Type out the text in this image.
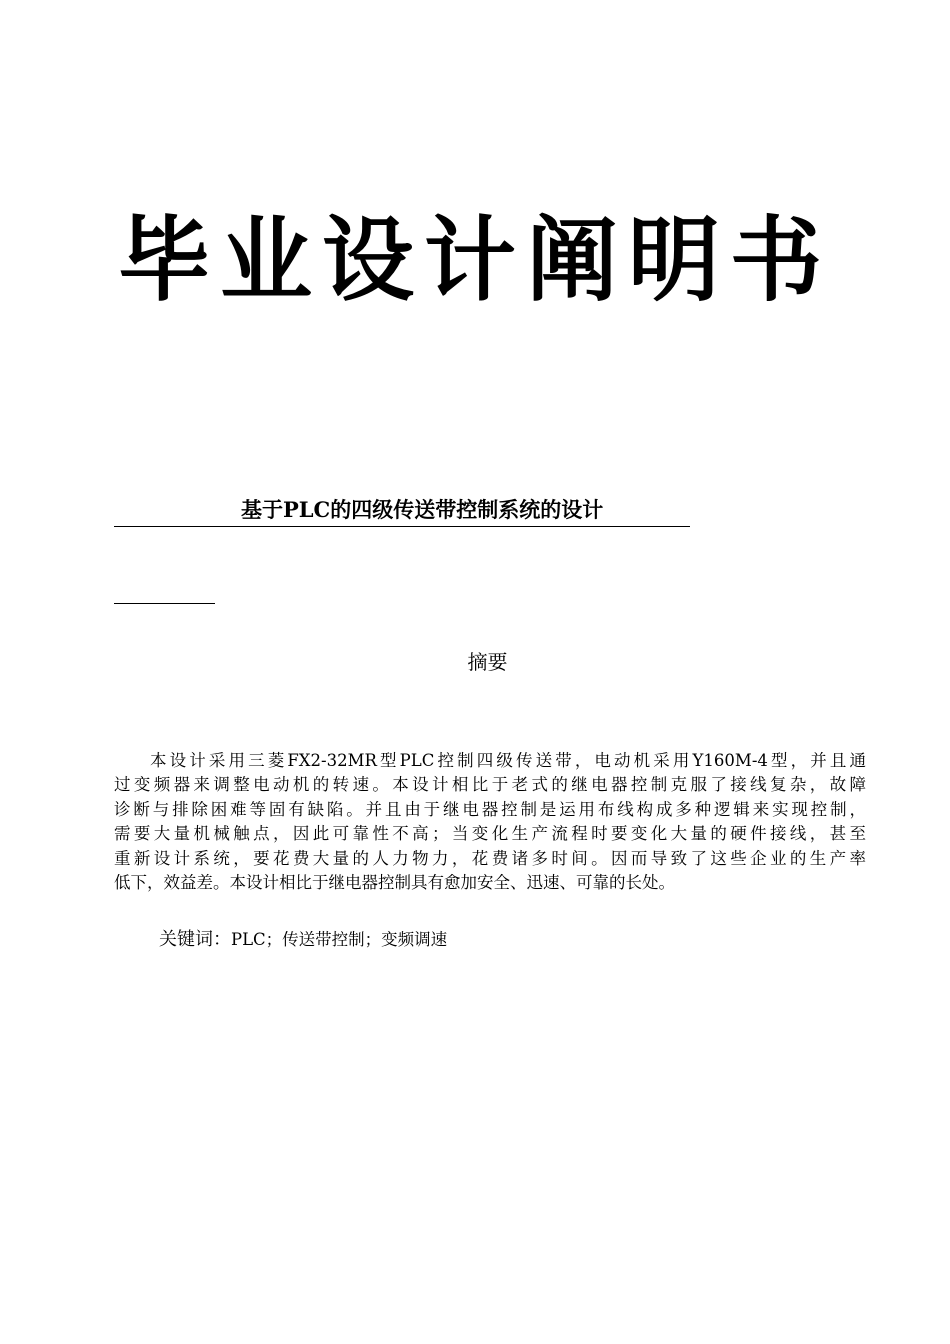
毕业设计阐明书
基于PLC的四级传送带控制系统的设计
摘要
本设计采用三菱FX2-32MR型PLC控制四级传送带，电动机采用Y160M-4型，并且通
过变频器来调整电动机的转速。本设计相比于老式的继电器控制克服了接线复杂，故障
诊断与排除困难等固有缺陷。并且由于继电器控制是运用布线构成多种逻辑来实现控制，
需要大量机械触点，因此可靠性不高；当变化生产流程时要变化大量的硬件接线，甚至
重新设计系统，要花费大量的人力物力，花费诸多时间。因而导致了这些企业的生产率
低下，效益差。本设计相比于继电器控制具有愈加安全、迅速、可靠的长处。
关键词：PLC；传送带控制；变频调速
